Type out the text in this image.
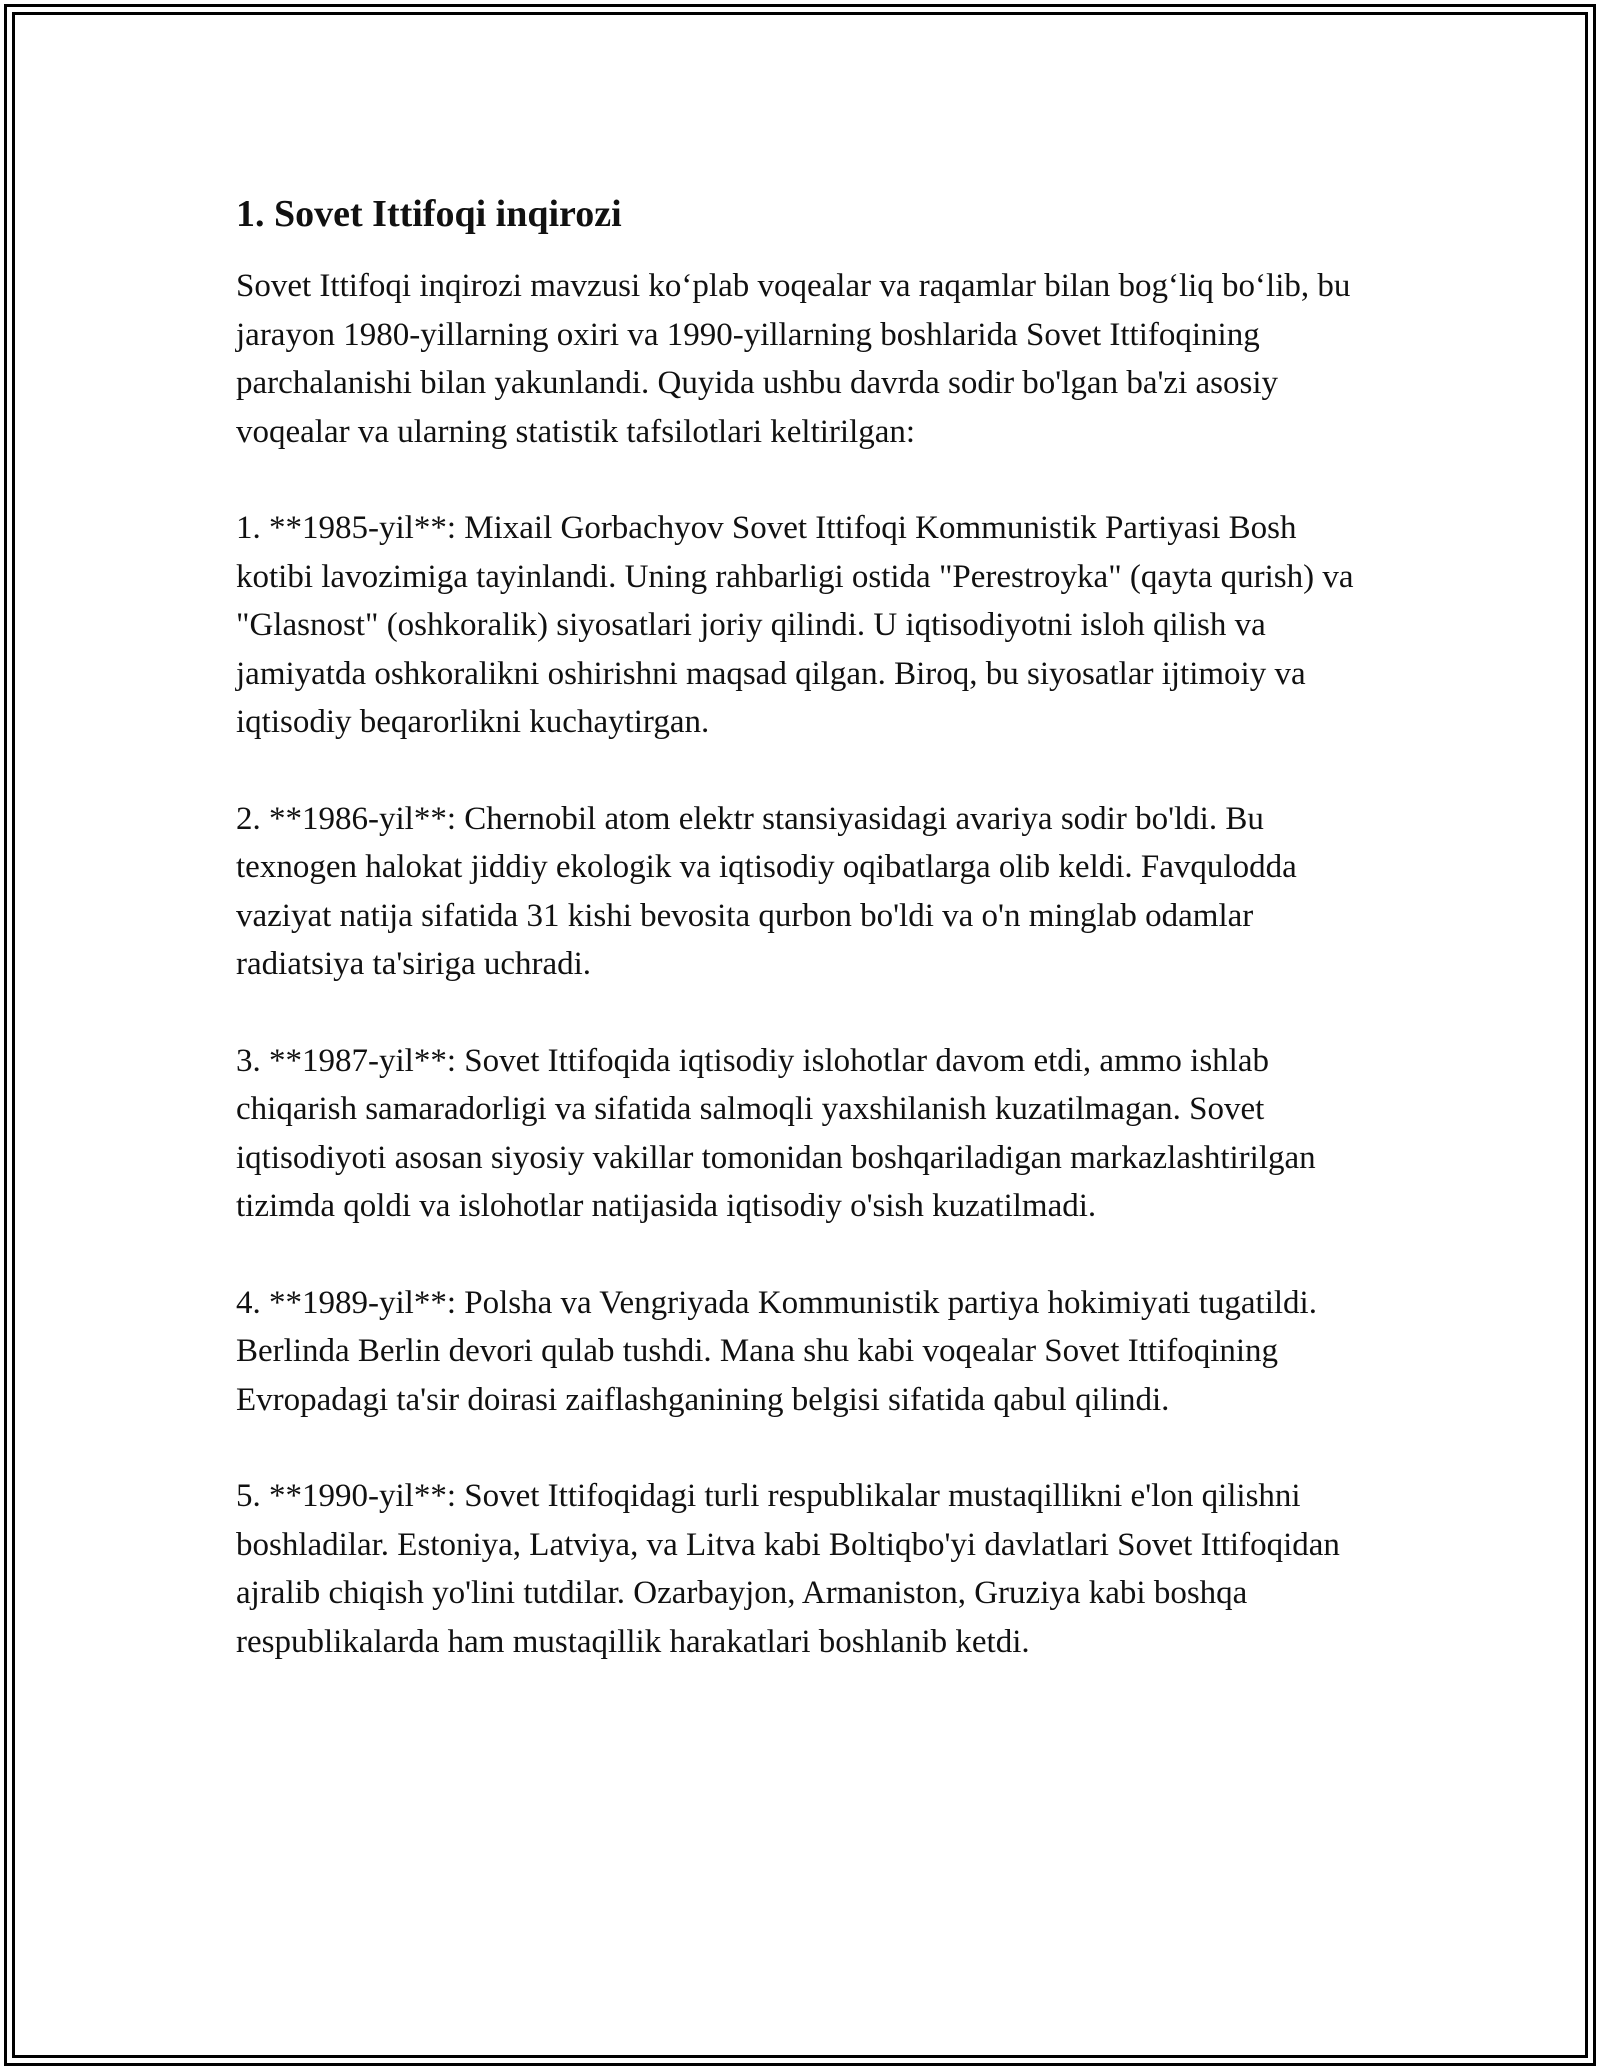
1. Sovet Ittifoqi inqirozi

Sovet Ittifoqi inqirozi mavzusi koʻplab voqealar va raqamlar bilan bogʻliq boʻlib, bu jarayon 1980-yillarning oxiri va 1990-yillarning boshlarida Sovet Ittifoqining parchalanishi bilan yakunlandi. Quyida ushbu davrda sodir bo'lgan ba'zi asosiy voqealar va ularning statistik tafsilotlari keltirilgan:

1. **1985-yil**: Mixail Gorbachyov Sovet Ittifoqi Kommunistik Partiyasi Bosh kotibi lavozimiga tayinlandi. Uning rahbarligi ostida "Perestroyka" (qayta qurish) va "Glasnost" (oshkoralik) siyosatlari joriy qilindi. U iqtisodiyotni isloh qilish va jamiyatda oshkoralikni oshirishni maqsad qilgan. Biroq, bu siyosatlar ijtimoiy va iqtisodiy beqarorlikni kuchaytirgan.

2. **1986-yil**: Chernobil atom elektr stansiyasidagi avariya sodir bo'ldi. Bu texnogen halokat jiddiy ekologik va iqtisodiy oqibatlarga olib keldi. Favqulodda vaziyat natija sifatida 31 kishi bevosita qurbon bo'ldi va o'n minglab odamlar radiatsiya ta'siriga uchradi.

3. **1987-yil**: Sovet Ittifoqida iqtisodiy islohotlar davom etdi, ammo ishlab chiqarish samaradorligi va sifatida salmoqli yaxshilanish kuzatilmagan. Sovet iqtisodiyoti asosan siyosiy vakillar tomonidan boshqariladigan markazlashtirilgan tizimda qoldi va islohotlar natijasida iqtisodiy o'sish kuzatilmadi.

4. **1989-yil**: Polsha va Vengriyada Kommunistik partiya hokimiyati tugatildi. Berlinda Berlin devori qulab tushdi. Mana shu kabi voqealar Sovet Ittifoqining Evropadagi ta'sir doirasi zaiflashganining belgisi sifatida qabul qilindi.

5. **1990-yil**: Sovet Ittifoqidagi turli respublikalar mustaqillikni e'lon qilishni boshladilar. Estoniya, Latviya, va Litva kabi Boltiqbo'yi davlatlari Sovet Ittifoqidan ajralib chiqish yo'lini tutdilar. Ozarbayjon, Armaniston, Gruziya kabi boshqa respublikalarda ham mustaqillik harakatlari boshlanib ketdi.
